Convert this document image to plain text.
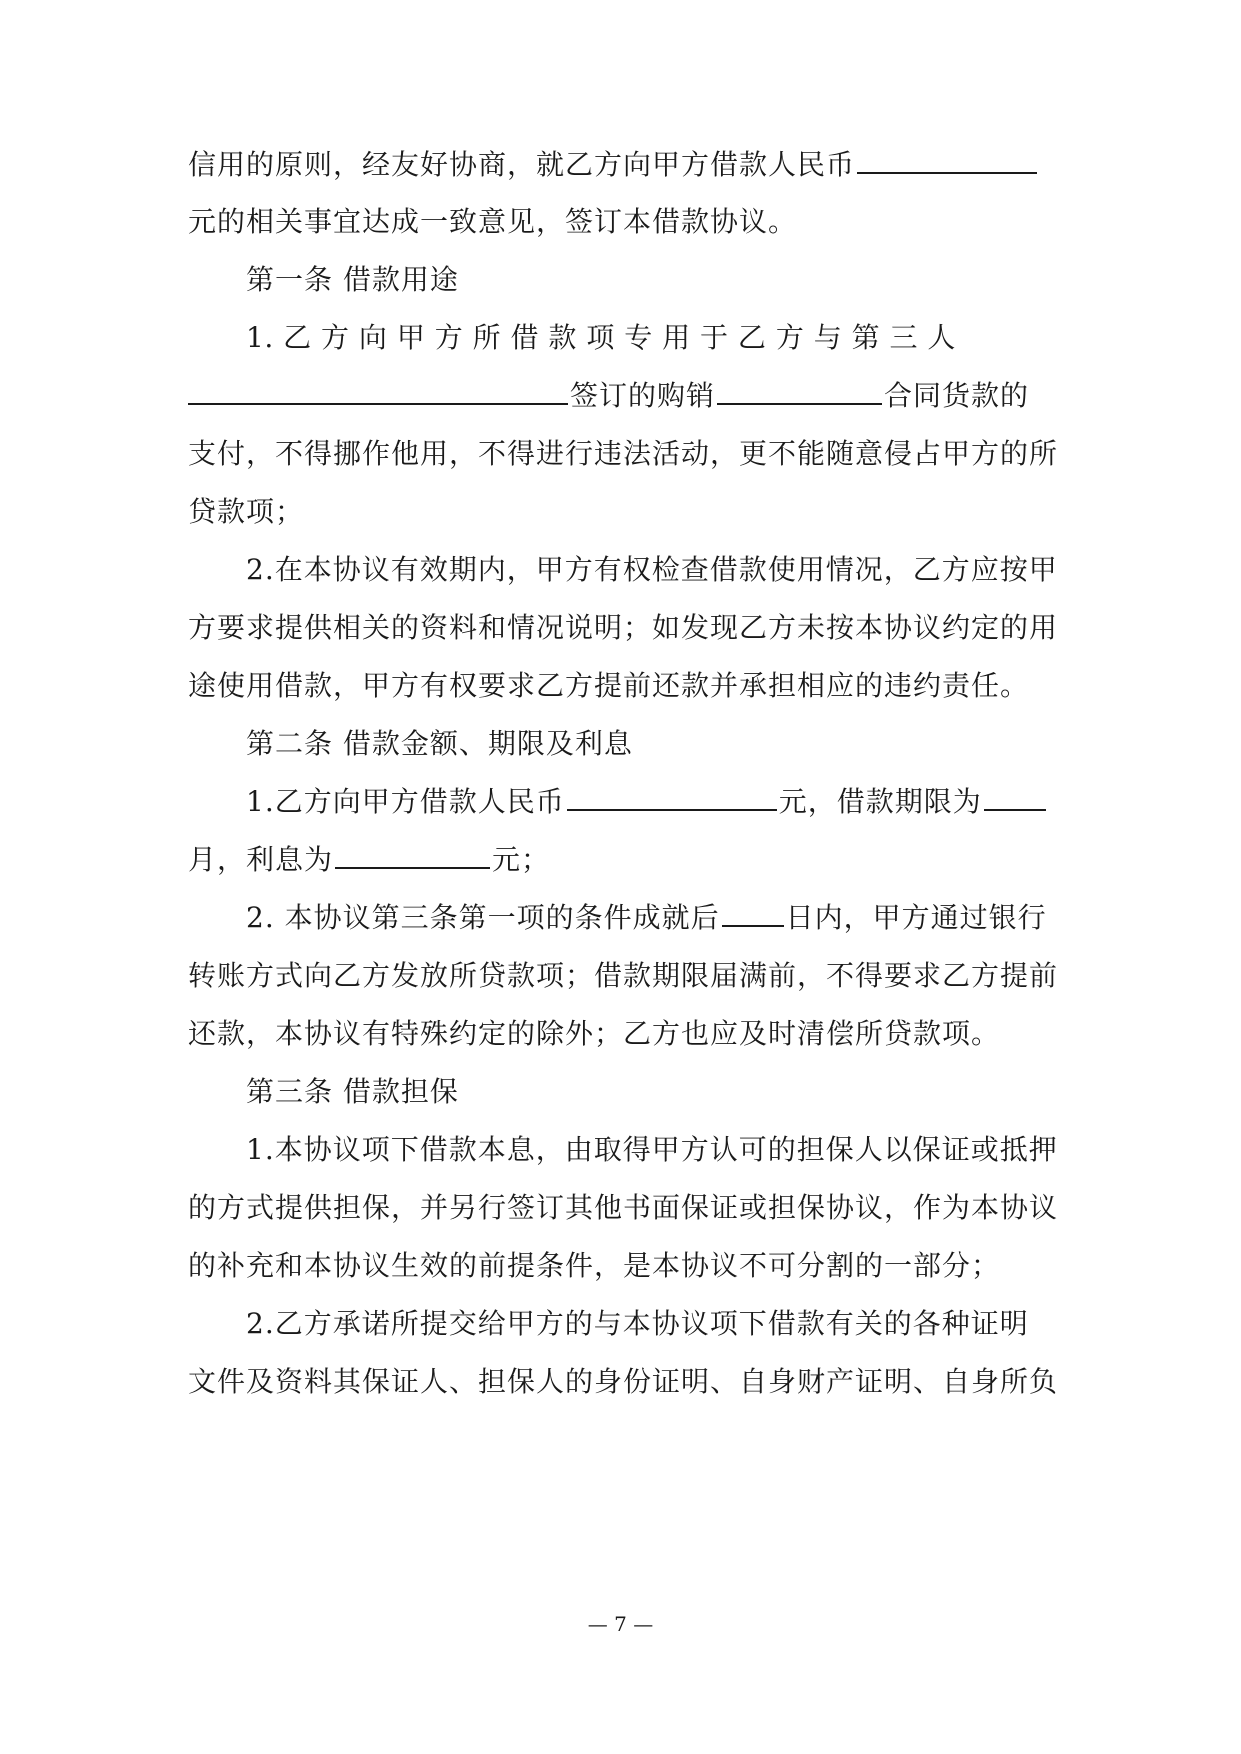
信用的原则，经友好协商，就乙方向甲方借款人民币
元的相关事宜达成一致意见，签订本借款协议。
第一条 借款用途
1. 乙 方 向 甲 方 所 借 款 项 专 用 于 乙 方 与 第 三 人
签订的购销	合同货款的
支付，不得挪作他用，不得进行违法活动，更不能随意侵占甲方的所
贷款项；
2.在本协议有效期内，甲方有权检查借款使用情况，乙方应按甲
方要求提供相关的资料和情况说明；如发现乙方未按本协议约定的用
途使用借款，甲方有权要求乙方提前还款并承担相应的违约责任。
第二条 借款金额、期限及利息
1.乙方向甲方借款人民币	元，借款期限为
月，利息为	元；
2. 本协议第三条第一项的条件成就后 日内，甲方通过银行
转账方式向乙方发放所贷款项；借款期限届满前，不得要求乙方提前
还款，本协议有特殊约定的除外；乙方也应及时清偿所贷款项。
第三条 借款担保
1.本协议项下借款本息，由取得甲方认可的担保人以保证或抵押
的方式提供担保，并另行签订其他书面保证或担保协议，作为本协议
的补充和本协议生效的前提条件，是本协议不可分割的一部分；
2.乙方承诺所提交给甲方的与本协议项下借款有关的各种证明
文件及资料其保证人、担保人的身份证明、自身财产证明、自身所负
— 7 —
